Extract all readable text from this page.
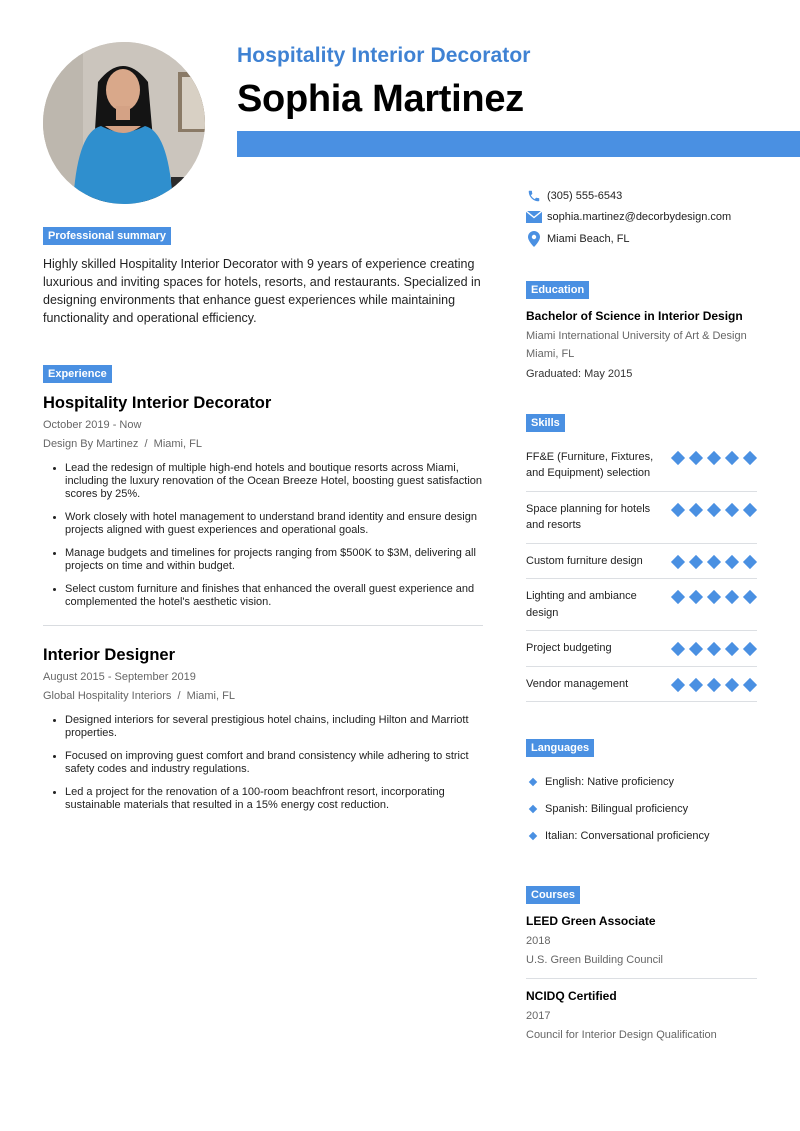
Hospitality Interior Decorator
Sophia Martinez
Professional summary

Highly skilled Hospitality Interior Decorator with 9 years of experience creating luxurious and inviting spaces for hotels, resorts, and restaurants. Specialized in designing environments that enhance guest experiences while maintaining functionality and operational efficiency.

Experience
Hospitality Interior Decorator
October 2019 - Now
Design By Martinez  /  Miami, FL
Lead the redesign of multiple high-end hotels and boutique resorts across Miami, including the luxury renovation of the Ocean Breeze Hotel, boosting guest satisfaction scores by 25%.
Work closely with hotel management to understand brand identity and ensure design projects aligned with guest experiences and operational goals.
Manage budgets and timelines for projects ranging from $500K to $3M, delivering all projects on time and within budget.
Select custom furniture and finishes that enhanced the overall guest experience and complemented the hotel's aesthetic vision.
Interior Designer
August 2015 - September 2019
Global Hospitality Interiors  /  Miami, FL
Designed interiors for several prestigious hotel chains, including Hilton and Marriott properties.
Focused on improving guest comfort and brand consistency while adhering to strict safety codes and industry regulations.
Led a project for the renovation of a 100-room beachfront resort, incorporating sustainable materials that resulted in a 15% energy cost reduction.
(305) 555-6543
sophia.martinez@decorbydesign.com
Miami Beach, FL
Education
Bachelor of Science in Interior Design
Miami International University of Art & Design
Miami, FL
Graduated: May 2015
Skills
FF&E (Furniture, Fixtures, and Equipment) selection
Space planning for hotels and resorts
Custom furniture design
Lighting and ambiance design
Project budgeting
Vendor management
Languages
English: Native proficiency
Spanish: Bilingual proficiency
Italian: Conversational proficiency
Courses
LEED Green Associate
2018
U.S. Green Building Council
NCIDQ Certified
2017
Council for Interior Design Qualification
